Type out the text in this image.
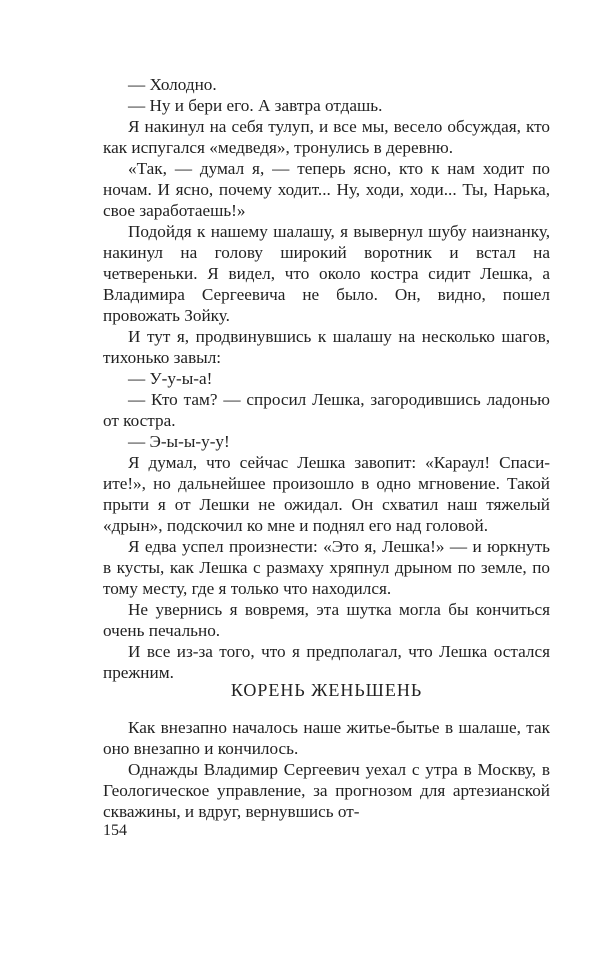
— Холодно.

— Ну и бери его. А завтра отдашь.

Я накинул на себя тулуп, и все мы, весело обсуждая, кто как испугался «медведя», тронулись в деревню.

«Так, — думал я, — теперь ясно, кто к нам ходит по ночам. И ясно, почему ходит... Ну, ходи, ходи... Ты, Нарька, свое заработаешь!»

Подойдя к нашему шалашу, я вывернул шубу наизнанку, накинул на голову широкий воротник и встал на четвереньки. Я видел, что около костра сидит Лешка, а Владимира Сергеевича не было. Он, видно, пошел провожать Зойку.

И тут я, продвинувшись к шалашу на несколько шагов, тихонько завыл:

— У-у-ы-а!

— Кто там? — спросил Лешка, загородившись ладонью от костра.

— Э-ы-ы-у-у!

Я думал, что сейчас Лешка завопит: «Караул! Спаси-ите!», но дальнейшее произошло в одно мгновение. Такой прыти я от Лешки не ожидал. Он схватил наш тяжелый «дрын», подскочил ко мне и поднял его над головой.

Я едва успел произнести: «Это я, Лешка!» — и юркнуть в кусты, как Лешка с размаху хряпнул дрыном по земле, по тому месту, где я только что находился.

Не увернись я вовремя, эта шутка могла бы кончиться очень печально.

И все из-за того, что я предполагал, что Лешка остался прежним.

КОРЕНЬ ЖЕНЬШЕНЬ

Как внезапно началось наше житье-бытье в шалаше, так оно внезапно и кончилось.

Однажды Владимир Сергеевич уехал с утра в Москву, в Геологическое управление, за прогнозом для артезианской скважины, и вдруг, вернувшись от-

154
